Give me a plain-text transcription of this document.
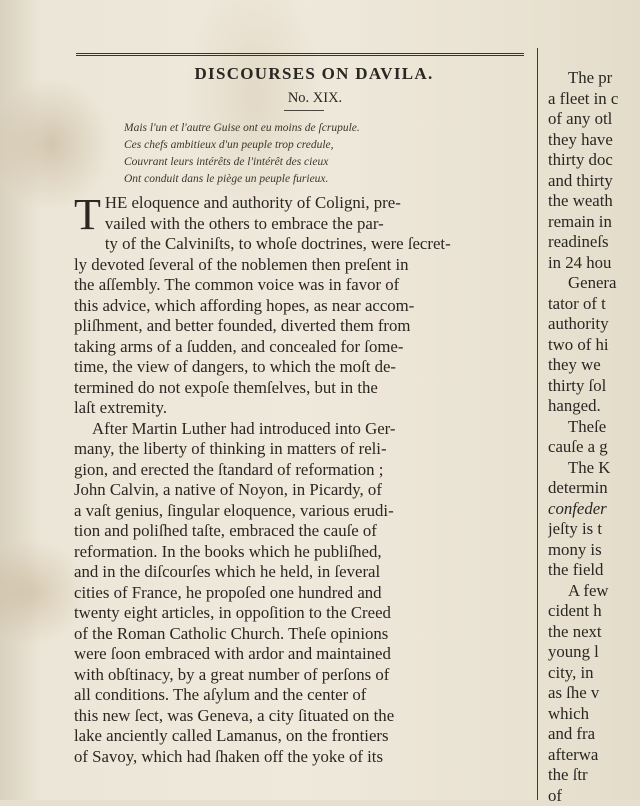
DISCOURSES ON DAVILA.
No. XIX.
Mais l'un et l'autre Guise ont eu moins de ſcrupule.
Ces chefs ambitieux d'un peuple trop credule,
Couvrant leurs intérêts de l'intérêt des cieux
Ont conduit dans le piège un peuple furieux.
T HE eloquence and authority of Coligni, pre-
vailed with the others to embrace the par-
ty of the Calviniſts, to whoſe doctrines, were ſecret-
ly devoted ſeveral of the noblemen then preſent in
the aſſembly. The common voice was in favor of
this advice, which affording hopes, as near accom-
pliſhment, and better founded, diverted them from
taking arms of a ſudden, and concealed for ſome-
time, the view of dangers, to which the moſt de-
termined do not expoſe themſelves, but in the
laſt extremity.
After Martin Luther had introduced into Ger-
many, the liberty of thinking in matters of reli-
gion, and erected the ſtandard of reformation ;
John Calvin, a native of Noyon, in Picardy, of
a vaſt genius, ſingular eloquence, various erudi-
tion and poliſhed taſte, embraced the cauſe of
reformation. In the books which he publiſhed,
and in the diſcourſes which he held, in ſeveral
cities of France, he propoſed one hundred and
twenty eight articles, in oppoſition to the Creed
of the Roman Catholic Church. Theſe opinions
were ſoon embraced with ardor and maintained
with obſtinacy, by a great number of perſons of
all conditions. The aſylum and the center of
this new ſect, was Geneva, a city ſituated on the
lake anciently called Lamanus, on the frontiers
of Savoy, which had ſhaken off the yoke of its
The pr
a fleet in c
of any otl
they have
thirty doc
and thirty
the weath
remain in
readineſs
in 24 hou
Genera
tator of t
authority
two of hi
they we
thirty ſol
hanged.
Theſe
cauſe a g
The K
determin
confeder
jeſty is t
mony is
the field
A few
cident h
the next
young l
city, in
as ſhe v
which
and fra
afterwa
the ſtr
of
